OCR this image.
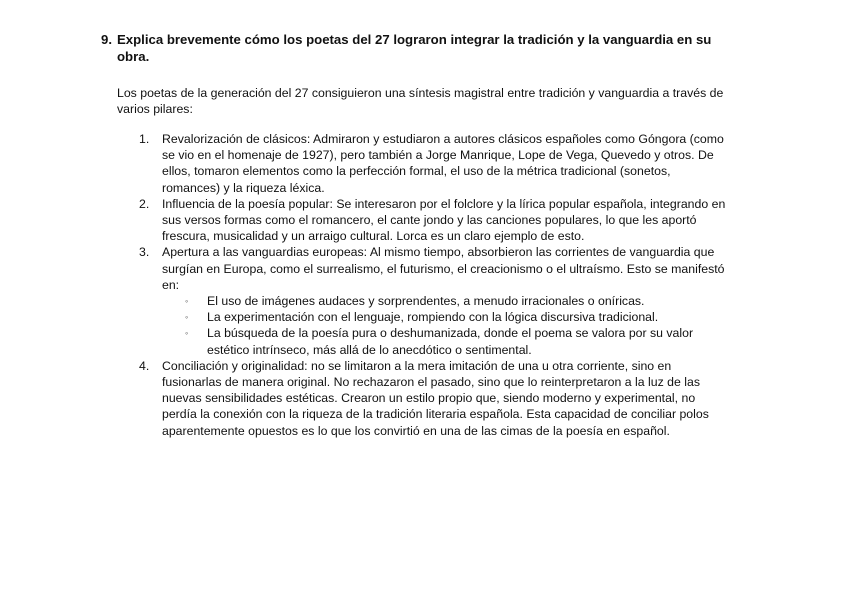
9. Explica brevemente cómo los poetas del 27 lograron integrar la tradición y la vanguardia en su obra.

Los poetas de la generación del 27 consiguieron una síntesis magistral entre tradición y vanguardia a través de varios pilares:

1. Revalorización de clásicos: Admiraron y estudiaron a autores clásicos españoles como Góngora (como se vio en el homenaje de 1927), pero también a Jorge Manrique, Lope de Vega, Quevedo y otros. De ellos, tomaron elementos como la perfección formal, el uso de la métrica tradicional (sonetos, romances) y la riqueza léxica.
2. Influencia de la poesía popular: Se interesaron por el folclore y la lírica popular española, integrando en sus versos formas como el romancero, el cante jondo y las canciones populares, lo que les aportó frescura, musicalidad y un arraigo cultural. Lorca es un claro ejemplo de esto.
3. Apertura a las vanguardias europeas: Al mismo tiempo, absorbieron las corrientes de vanguardia que surgían en Europa, como el surrealismo, el futurismo, el creacionismo o el ultraísmo. Esto se manifestó en:
◦ El uso de imágenes audaces y sorprendentes, a menudo irracionales o oníricas.
◦ La experimentación con el lenguaje, rompiendo con la lógica discursiva tradicional.
◦ La búsqueda de la poesía pura o deshumanizada, donde el poema se valora por su valor estético intrínseco, más allá de lo anecdótico o sentimental.
4. Conciliación y originalidad: no se limitaron a la mera imitación de una u otra corriente, sino en fusionarlas de manera original. No rechazaron el pasado, sino que lo reinterpretaron a la luz de las nuevas sensibilidades estéticas. Crearon un estilo propio que, siendo moderno y experimental, no perdía la conexión con la riqueza de la tradición literaria española. Esta capacidad de conciliar polos aparentemente opuestos es lo que los convirtió en una de las cimas de la poesía en español.
